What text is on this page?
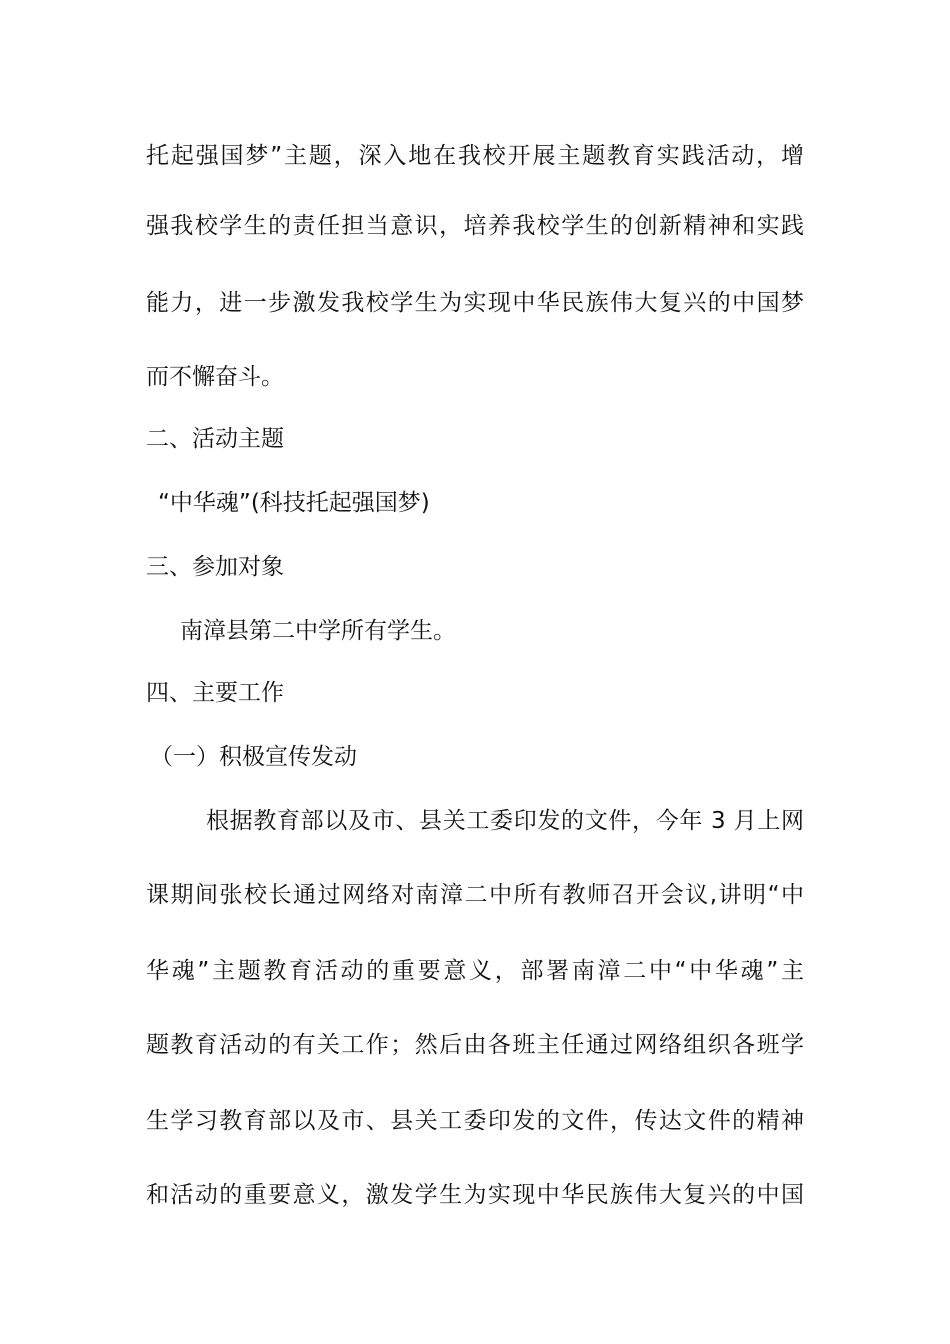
托起强国梦”主题，深入地在我校开展主题教育实践活动，增
强我校学生的责任担当意识，培养我校学生的创新精神和实践
能力，进一步激发我校学生为实现中华民族伟大复兴的中国梦
而不懈奋斗。
二、活动主题
“中华魂”(科技托起强国梦)
三、参加对象
南漳县第二中学所有学生。
四、主要工作
（一）积极宣传发动
根据教育部以及市、县关工委印发的文件，今年 3 月上网
课期间张校长通过网络对南漳二中所有教师召开会议,讲明“中
华魂”主题教育活动的重要意义，部署南漳二中“中华魂”主
题教育活动的有关工作；然后由各班主任通过网络组织各班学
生学习教育部以及市、县关工委印发的文件，传达文件的精神
和活动的重要意义，激发学生为实现中华民族伟大复兴的中国
